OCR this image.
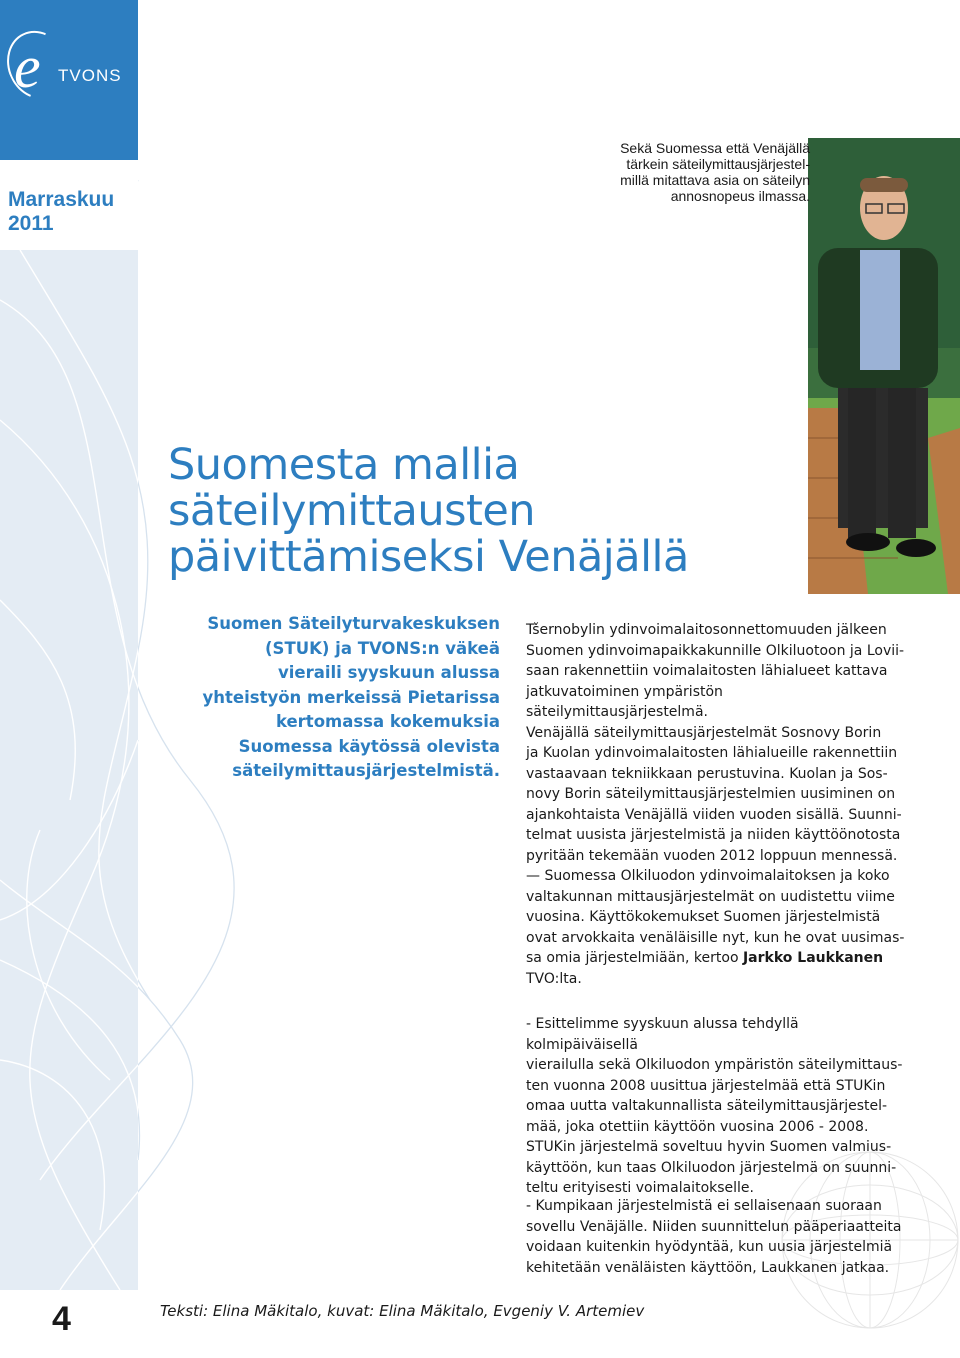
e	TVONS
Marraskuu
2011
4
Sekä Suomessa että Venäjällä
tärkein säteilymittausjärjestel-
millä mitattava asia on säteilyn
annosnopeus ilmassa.
Suomesta mallia
säteilymittausten
päivittämiseksi Venäjällä
Suomen Säteilyturvakeskuksen
(STUK) ja TVONS:n väkeä
vieraili syyskuun alussa
yhteistyön merkeissä Pietarissa
kertomassa kokemuksia
Suomessa käytössä olevista
säteilymittausjärjestelmistä.
Tšernobylin ydinvoimalaitosonnettomuuden jälkeen
Suomen ydinvoimapaikkakunnille Olkiluotoon ja Lovii-
saan rakennettiin voimalaitosten lähialueet kattava
jatkuvatoiminen ympäristön säteilymittausjärjestelmä.
Venäjällä säteilymittausjärjestelmät Sosnovy Borin
ja Kuolan ydinvoimalaitosten lähialueille rakennettiin
vastaavaan tekniikkaan perustuvina. Kuolan ja Sos-
novy Borin säteilymittausjärjestelmien uusiminen on
ajankohtaista Venäjällä viiden vuoden sisällä. Suunni-
telmat uusista järjestelmistä ja niiden käyttöönotosta
pyritään tekemään vuoden 2012 loppuun mennessä.
— Suomessa Olkiluodon ydinvoimalaitoksen ja koko
valtakunnan mittausjärjestelmät on uudistettu viime
vuosina. Käyttökokemukset Suomen järjestelmistä
ovat arvokkaita venäläisille nyt, kun he ovat uusimas-
sa omia järjestelmiään, kertoo Jarkko Laukkanen
TVO:lta.
- Esittelimme syyskuun alussa tehdyllä kolmipäiväisellä
vierailulla sekä Olkiluodon ympäristön säteilymittaus-
ten vuonna 2008 uusittua järjestelmää että STUKin
omaa uutta valtakunnallista säteilymittausjärjestel-
mää, joka otettiin käyttöön vuosina 2006 - 2008.
STUKin järjestelmä soveltuu hyvin Suomen valmius-
käyttöön, kun taas Olkiluodon järjestelmä on suunni-
teltu erityisesti voimalaitokselle.
- Kumpikaan järjestelmistä ei sellaisenaan suoraan
sovellu Venäjälle. Niiden suunnittelun pääperiaatteita
voidaan kuitenkin hyödyntää, kun uusia järjestelmiä
kehitetään venäläisten käyttöön, Laukkanen jatkaa.
Teksti: Elina Mäkitalo, kuvat: Elina Mäkitalo, Evgeniy V. Artemiev
